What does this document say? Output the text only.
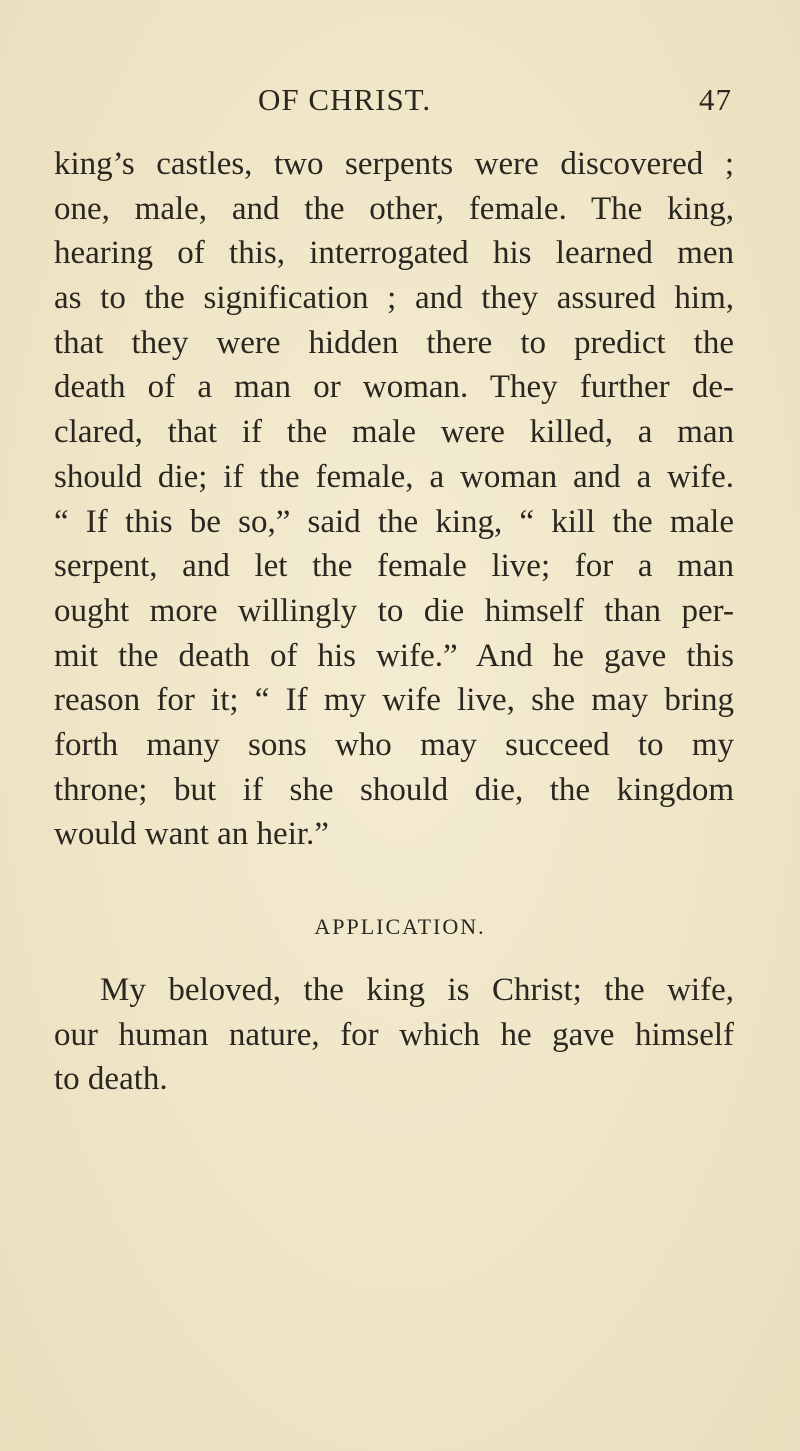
OF CHRIST.	47
king’s castles, two serpents were discovered ;
one, male, and the other, female. The king,
hearing of this, interrogated his learned men
as to the signification ; and they assured him,
that they were hidden there to predict the
death of a man or woman. They further de-
clared, that if the male were killed, a man
should die; if the female, a woman and a wife.
“ If this be so,” said the king, “ kill the male
serpent, and let the female live; for a man
ought more willingly to die himself than per-
mit the death of his wife.” And he gave this
reason for it; “ If my wife live, she may bring
forth many sons who may succeed to my
throne; but if she should die, the kingdom
would want an heir.”
APPLICATION.
My beloved, the king is Christ; the wife,
our human nature, for which he gave himself
to death.
